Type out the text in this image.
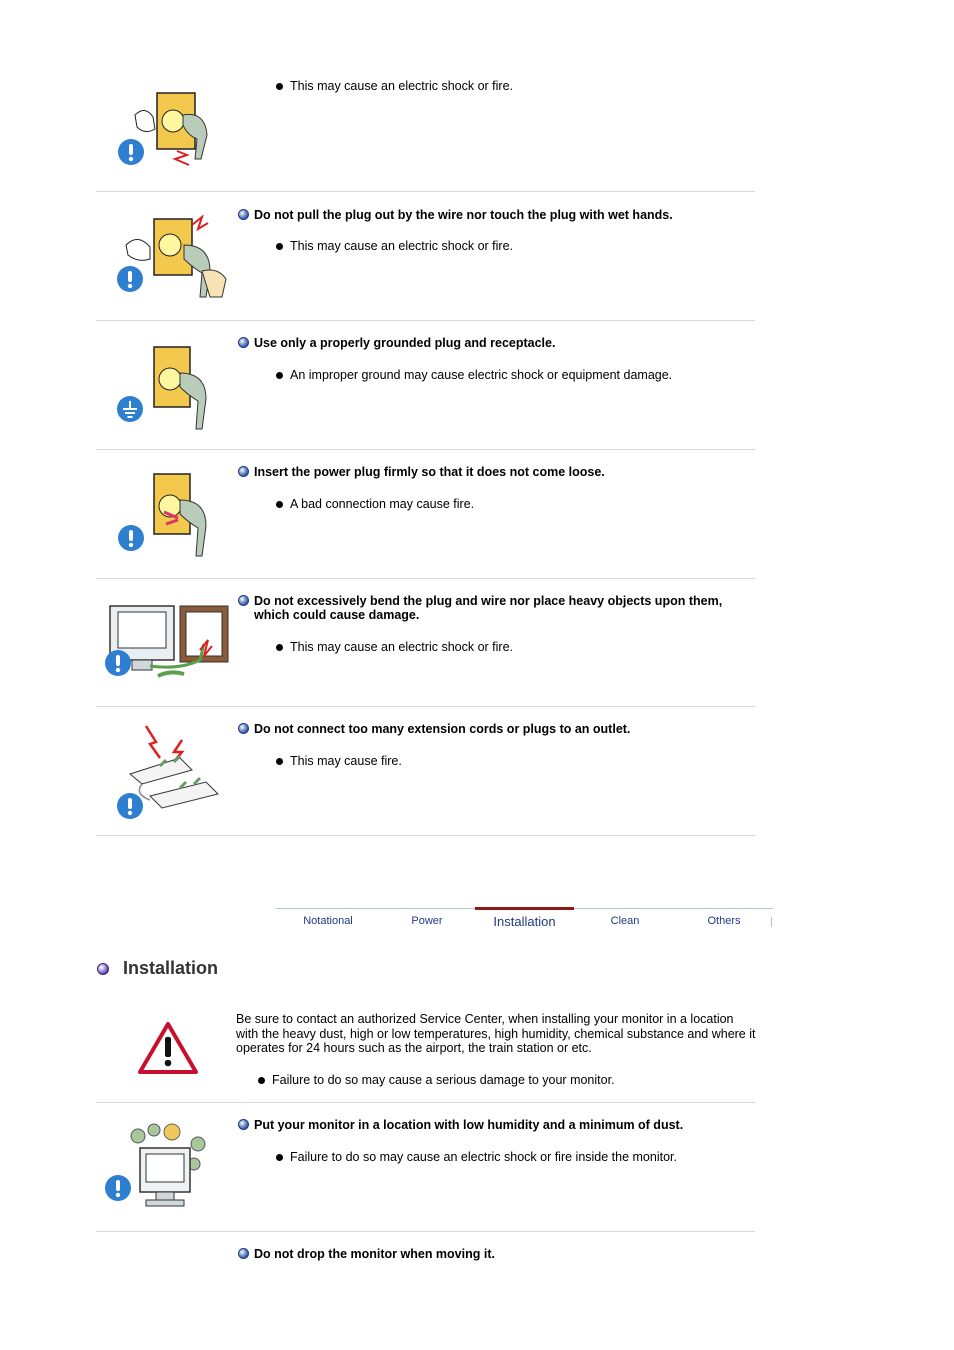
This may cause an electric shock or fire.
Do not pull the plug out by the wire nor touch the plug with wet hands.
This may cause an electric shock or fire.
Use only a properly grounded plug and receptacle.
An improper ground may cause electric shock or equipment damage.
Insert the power plug firmly so that it does not come loose.
A bad connection may cause fire.
Do not excessively bend the plug and wire nor place heavy objects upon them, which could cause damage.
This may cause an electric shock or fire.
Do not connect too many extension cords or plugs to an outlet.
This may cause fire.
Notational	Power	Installation	Clean	Others
Installation
Be sure to contact an authorized Service Center, when installing your monitor in a location with the heavy dust, high or low temperatures, high humidity, chemical substance and where it operates for 24 hours such as the airport, the train station or etc.
Failure to do so may cause a serious damage to your monitor.
Put your monitor in a location with low humidity and a minimum of dust.
Failure to do so may cause an electric shock or fire inside the monitor.
Do not drop the monitor when moving it.
